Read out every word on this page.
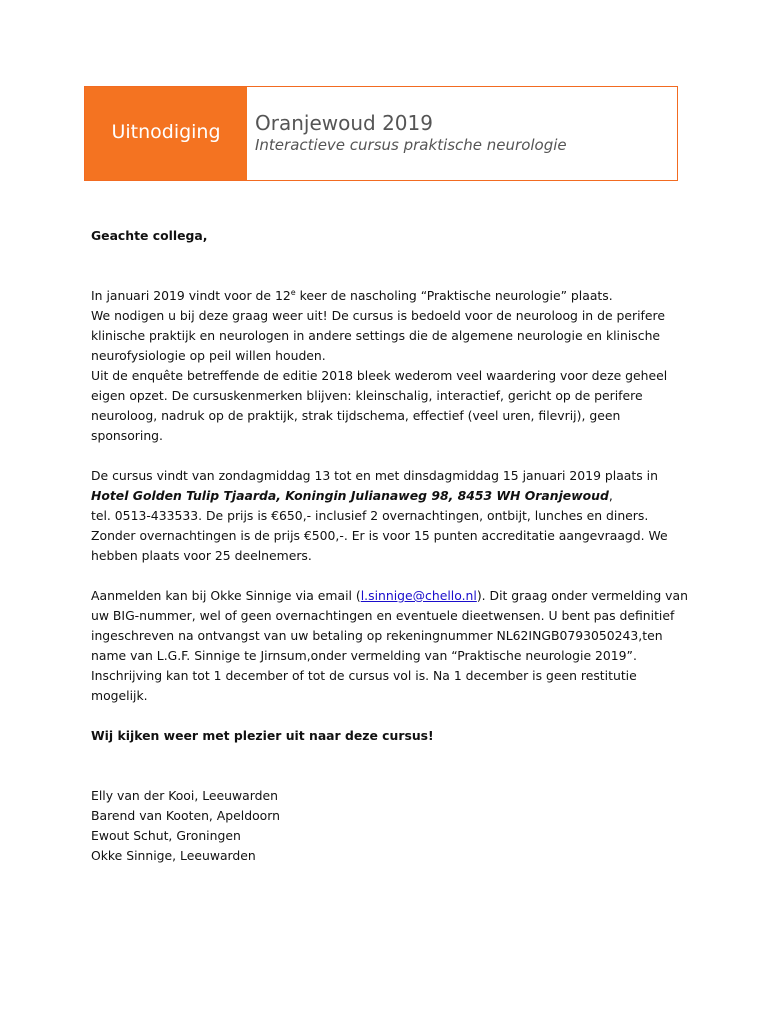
Uitnodiging Oranjewoud 2019
Interactieve cursus praktische neurologie

Geachte collega,

In januari 2019 vindt voor de 12e keer de nascholing “Praktische neurologie” plaats.
We nodigen u bij deze graag weer uit! De cursus is bedoeld voor de neuroloog in de perifere klinische praktijk en neurologen in andere settings die de algemene neurologie en klinische neurofysiologie op peil willen houden.
Uit de enquête betreffende de editie 2018 bleek wederom veel waardering voor deze geheel eigen opzet. De cursuskenmerken blijven: kleinschalig, interactief, gericht op de perifere neuroloog, nadruk op de praktijk, strak tijdschema, effectief (veel uren, filevrij), geen sponsoring.

De cursus vindt van zondagmiddag 13 tot en met dinsdagmiddag 15 januari 2019 plaats in
Hotel Golden Tulip Tjaarda, Koningin Julianaweg 98, 8453 WH Oranjewoud,
tel. 0513-433533. De prijs is €650,- inclusief 2 overnachtingen, ontbijt, lunches en diners. Zonder overnachtingen is de prijs €500,-. Er is voor 15 punten accreditatie aangevraagd. We hebben plaats voor 25 deelnemers.

Aanmelden kan bij Okke Sinnige via email (l.sinnige@chello.nl). Dit graag onder vermelding van uw BIG-nummer, wel of geen overnachtingen en eventuele dieetwensen. U bent pas definitief ingeschreven na ontvangst van uw betaling op rekeningnummer NL62INGB0793050243,ten name van L.G.F. Sinnige te Jirnsum,onder vermelding van “Praktische neurologie 2019”. Inschrijving kan tot 1 december of tot de cursus vol is. Na 1 december is geen restitutie mogelijk.

Wij kijken weer met plezier uit naar deze cursus!

Elly van der Kooi, Leeuwarden

Barend van Kooten, Apeldoorn

Ewout Schut, Groningen

Okke Sinnige, Leeuwarden
